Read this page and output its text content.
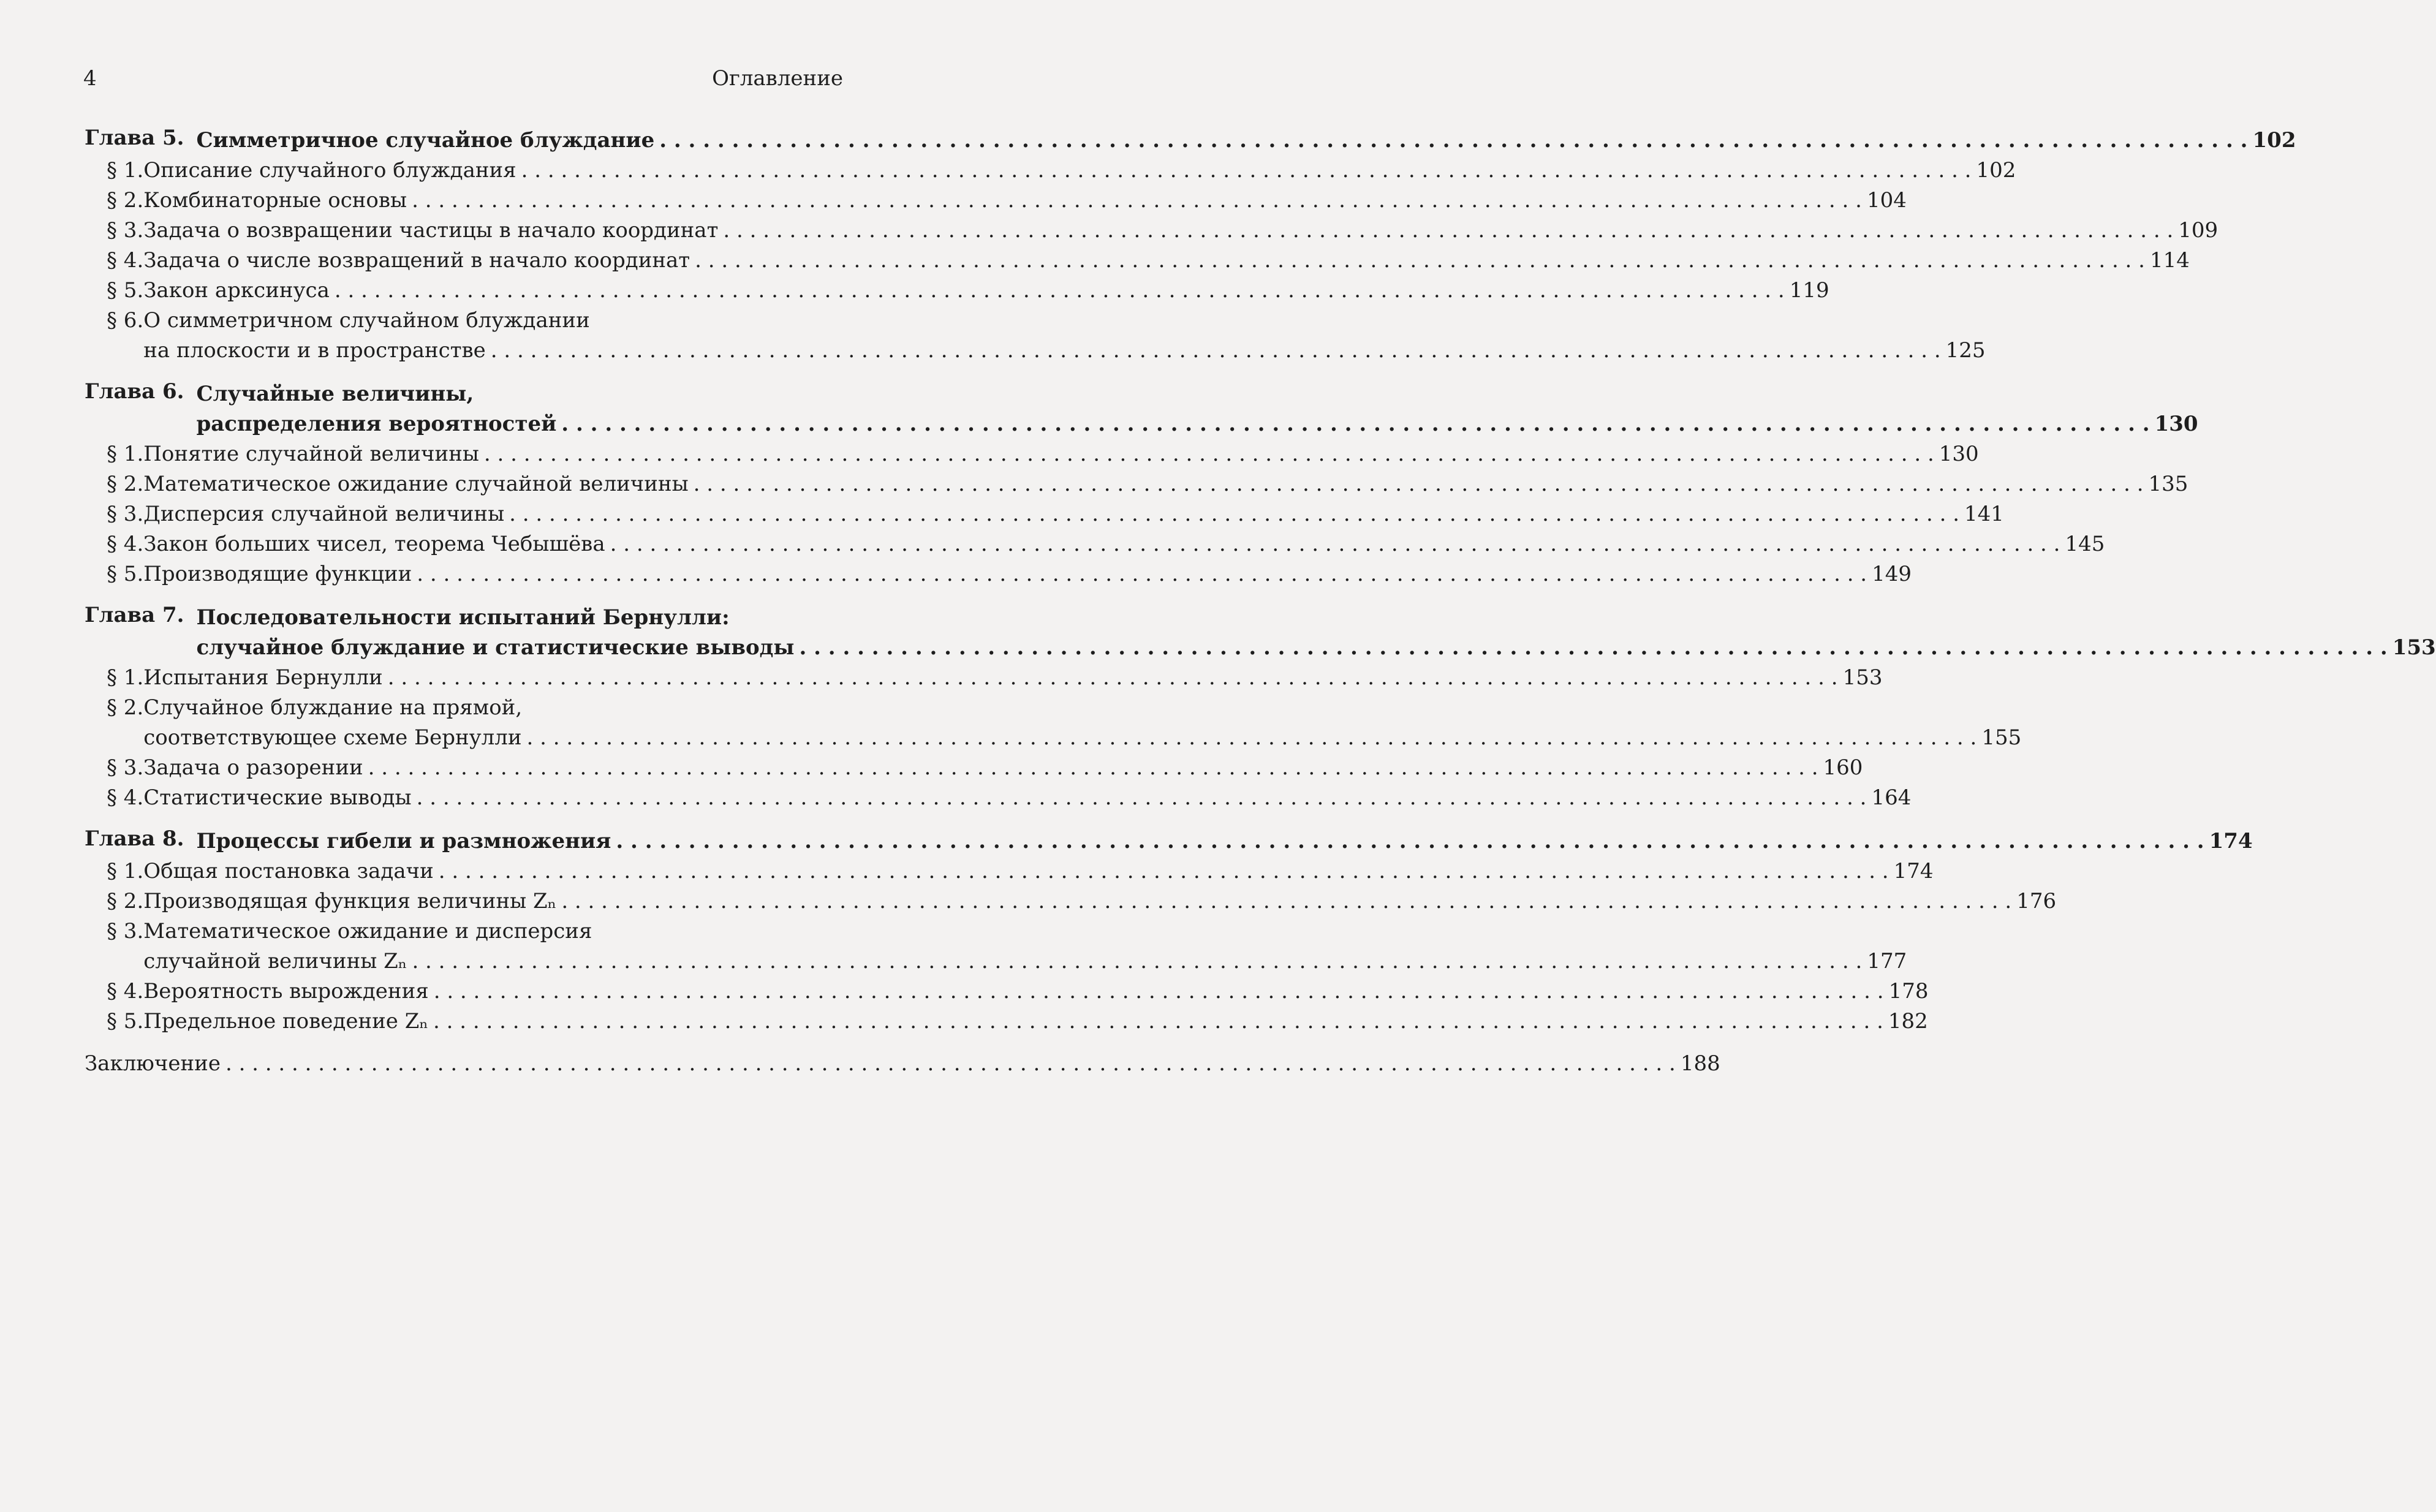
4	Оглавление
Глава 5. Симметричное случайное блуждание . . .	102
§ 1. Описание случайного блуждания . . .	102
§ 2. Комбинаторные основы . . .	104
§ 3. Задача о возвращении частицы в начало координат . . .	109
§ 4. Задача о числе возвращений в начало координат . . .	114
§ 5. Закон арксинуса . . .	119
§ 6. О симметричном случайном блуждании
на плоскости и в пространстве . . .	125
Глава 6. Случайные величины,
распределения вероятностей . . .	130
§ 1. Понятие случайной величины . . .	130
§ 2. Математическое ожидание случайной величины . . .	135
§ 3. Дисперсия случайной величины . . .	141
§ 4. Закон больших чисел, теорема Чебышёва . . .	145
§ 5. Производящие функции . . .	149
Глава 7. Последовательности испытаний Бернулли:
случайное блуждание и статистические выводы . . .	153
§ 1. Испытания Бернулли . . .	153
§ 2. Случайное блуждание на прямой,
соответствующее схеме Бернулли . . .	155
§ 3. Задача о разорении . . .	160
§ 4. Статистические выводы . . .	164
Глава 8. Процессы гибели и размножения . . .	174
§ 1. Общая постановка задачи . . .	174
§ 2. Производящая функция величины Zₙ . . .	176
§ 3. Математическое ожидание и дисперсия
случайной величины Zₙ . . .	177
§ 4. Вероятность вырождения . . .	178
§ 5. Предельное поведение Zₙ . . .	182
Заключение . . .	188
